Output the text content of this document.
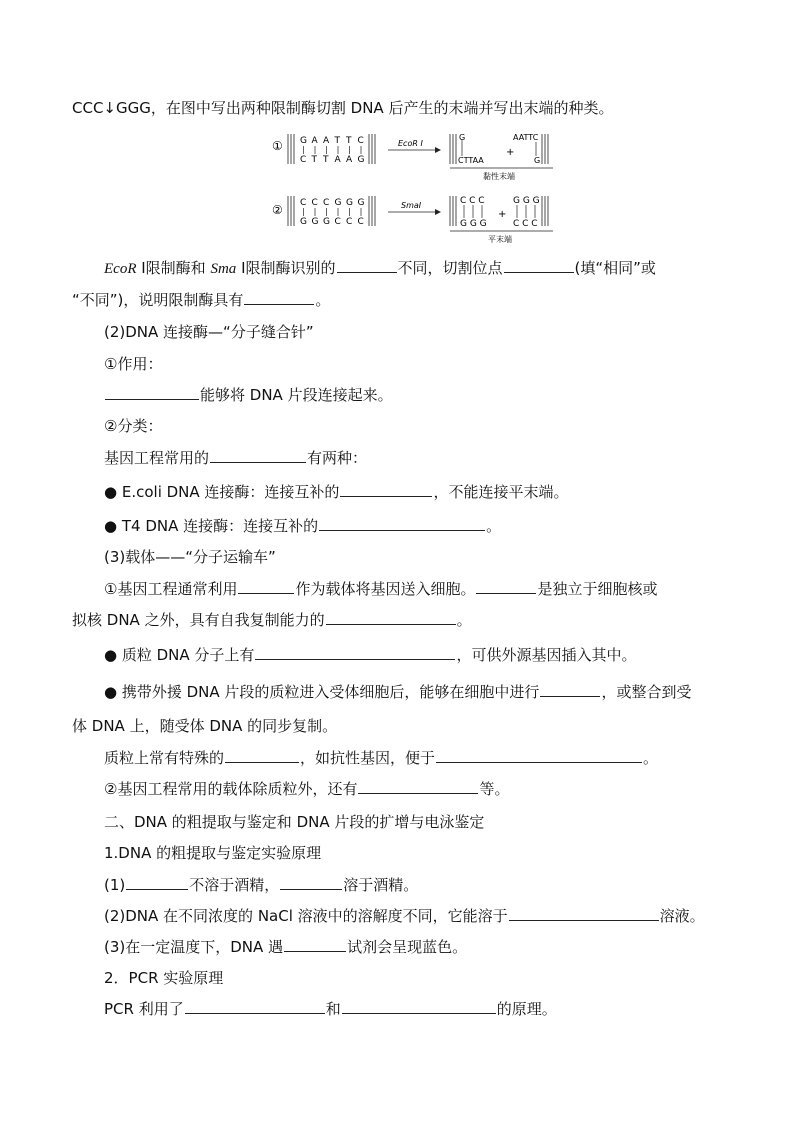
CCC↓GGG，在图中写出两种限制酶切割 DNA 后产生的末端并写出末端的种类。
① G A A T T C
C T T A A G
EcoR Ⅰ
G
CTTAA
+
AATTC
G
黏性末端
② C C C G G G
G G G C C C
SmaⅠ	C C C
G G G
+
G G G
C C C
平末端
EcoR Ⅰ限制酶和 Sma Ⅰ限制酶识别的	不同，切割位点	(填“相同”或
“不同”)，说明限制酶具有	。
(2)DNA 连接酶—“分子缝合针”
①作用：
能够将 DNA 片段连接起来。
②分类：
基因工程常用的	有两种：
● E.coli DNA 连接酶：连接互补的	，不能连接平末端。
● T4 DNA 连接酶：连接互补的	。
(3)载体——“分子运输车”
①基因工程通常利用	作为载体将基因送入细胞。	是独立于细胞核或
拟核 DNA 之外，具有自我复制能力的	。
● 质粒 DNA 分子上有	，可供外源基因插入其中。
● 携带外援 DNA 片段的质粒进入受体细胞后，能够在细胞中进行	，或整合到受
体 DNA 上，随受体 DNA 的同步复制。
质粒上常有特殊的	，如抗性基因，便于	。
②基因工程常用的载体除质粒外，还有	等。
二、DNA 的粗提取与鉴定和 DNA 片段的扩增与电泳鉴定
1.DNA 的粗提取与鉴定实验原理
(1)	不溶于酒精，	溶于酒精。
(2)DNA 在不同浓度的 NaCl 溶液中的溶解度不同，它能溶于	溶液。
(3)在一定温度下，DNA 遇	试剂会呈现蓝色。
2．PCR 实验原理
PCR 利用了	和	的原理。
